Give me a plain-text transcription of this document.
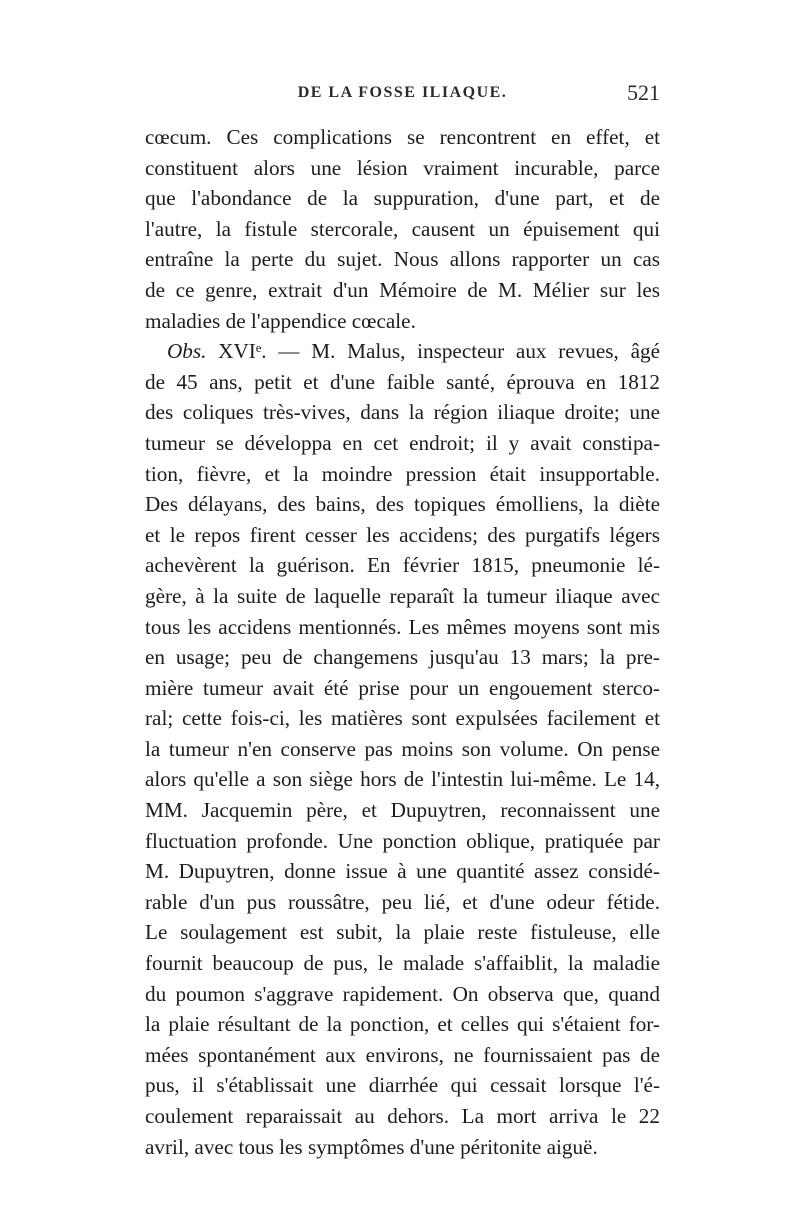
DE LA FOSSE ILIAQUE.	521
cœcum. Ces complications se rencontrent en effet, et
constituent alors une lésion vraiment incurable, parce
que l'abondance de la suppuration, d'une part, et de
l'autre, la fistule stercorale, causent un épuisement qui
entraîne la perte du sujet. Nous allons rapporter un cas
de ce genre, extrait d'un Mémoire de M. Mélier sur les
maladies de l'appendice cœcale.
Obs. XVIᵉ. — M. Malus, inspecteur aux revues, âgé
de 45 ans, petit et d'une faible santé, éprouva en 1812
des coliques très-vives, dans la région iliaque droite; une
tumeur se développa en cet endroit; il y avait constipa-
tion, fièvre, et la moindre pression était insupportable.
Des délayans, des bains, des topiques émolliens, la diète
et le repos firent cesser les accidens; des purgatifs légers
achevèrent la guérison. En février 1815, pneumonie lé-
gère, à la suite de laquelle reparaît la tumeur iliaque avec
tous les accidens mentionnés. Les mêmes moyens sont mis
en usage; peu de changemens jusqu'au 13 mars; la pre-
mière tumeur avait été prise pour un engouement sterco-
ral; cette fois-ci, les matières sont expulsées facilement et
la tumeur n'en conserve pas moins son volume. On pense
alors qu'elle a son siège hors de l'intestin lui-même. Le 14,
MM. Jacquemin père, et Dupuytren, reconnaissent une
fluctuation profonde. Une ponction oblique, pratiquée par
M. Dupuytren, donne issue à une quantité assez considé-
rable d'un pus roussâtre, peu lié, et d'une odeur fétide.
Le soulagement est subit, la plaie reste fistuleuse, elle
fournit beaucoup de pus, le malade s'affaiblit, la maladie
du poumon s'aggrave rapidement. On observa que, quand
la plaie résultant de la ponction, et celles qui s'étaient for-
mées spontanément aux environs, ne fournissaient pas de
pus, il s'établissait une diarrhée qui cessait lorsque l'é-
coulement reparaissait au dehors. La mort arriva le 22
avril, avec tous les symptômes d'une péritonite aiguë.
